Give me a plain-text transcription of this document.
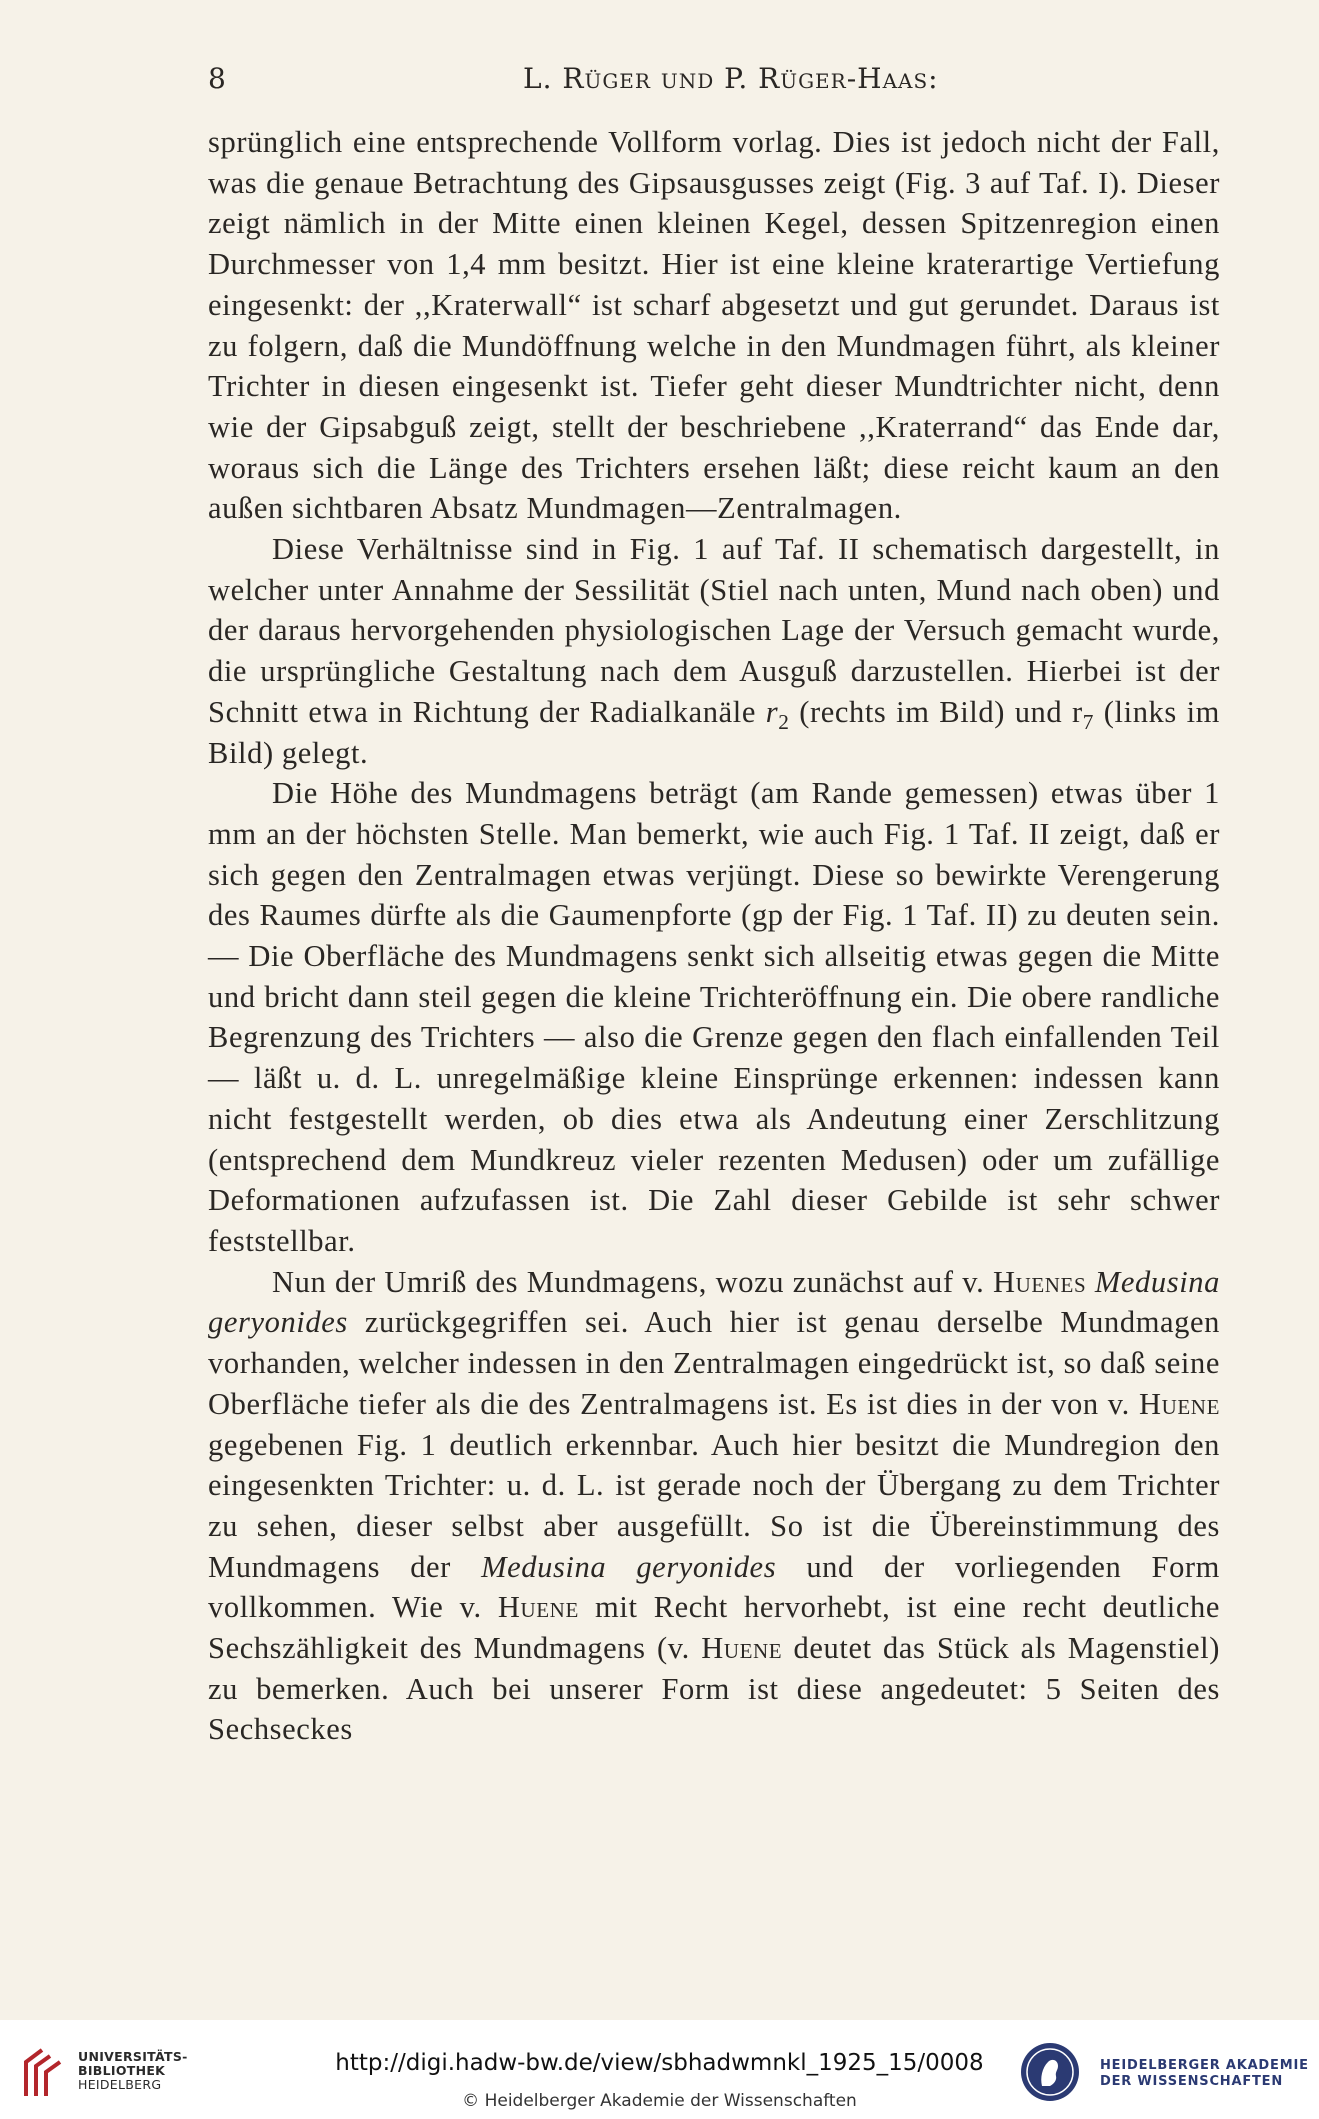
8	L. Rüger und P. Rüger-Haas:

sprünglich eine entsprechende Vollform vorlag. Dies ist jedoch nicht der Fall, was die genaue Betrachtung des Gipsausgusses zeigt (Fig. 3 auf Taf. I). Dieser zeigt nämlich in der Mitte einen kleinen Kegel, dessen Spitzenregion einen Durchmesser von 1,4 mm besitzt. Hier ist eine kleine kraterartige Vertiefung eingesenkt: der ,,Kraterwall“ ist scharf abgesetzt und gut gerundet. Daraus ist zu folgern, daß die Mundöffnung welche in den Mundmagen führt, als kleiner Trichter in diesen eingesenkt ist. Tiefer geht dieser Mundtrichter nicht, denn wie der Gipsabguß zeigt, stellt der beschriebene ,,Kraterrand“ das Ende dar, woraus sich die Länge des Trichters ersehen läßt; diese reicht kaum an den außen sichtbaren Absatz Mundmagen—Zentralmagen.

Diese Verhältnisse sind in Fig. 1 auf Taf. II schematisch dargestellt, in welcher unter Annahme der Sessilität (Stiel nach unten, Mund nach oben) und der daraus hervorgehenden physiologischen Lage der Versuch gemacht wurde, die ursprüngliche Gestaltung nach dem Ausguß darzustellen. Hierbei ist der Schnitt etwa in Richtung der Radialkanäle $r_2$ (rechts im Bild) und $r_7$ (links im Bild) gelegt.

Die Höhe des Mundmagens beträgt (am Rande gemessen) etwas über 1 mm an der höchsten Stelle. Man bemerkt, wie auch Fig. 1 Taf. II zeigt, daß er sich gegen den Zentralmagen etwas verjüngt. Diese so bewirkte Verengerung des Raumes dürfte als die Gaumenpforte (gp der Fig. 1 Taf. II) zu deuten sein. — Die Oberfläche des Mundmagens senkt sich allseitig etwas gegen die Mitte und bricht dann steil gegen die kleine Trichteröffnung ein. Die obere randliche Begrenzung des Trichters — also die Grenze gegen den flach einfallenden Teil — läßt u. d. L. unregelmäßige kleine Einsprünge erkennen: indessen kann nicht festgestellt werden, ob dies etwa als Andeutung einer Zerschlitzung (entsprechend dem Mundkreuz vieler rezenten Medusen) oder um zufällige Deformationen aufzufassen ist. Die Zahl dieser Gebilde ist sehr schwer feststellbar.

Nun der Umriß des Mundmagens, wozu zunächst auf v. Huenes Medusina geryonides zurückgegriffen sei. Auch hier ist genau derselbe Mundmagen vorhanden, welcher indessen in den Zentralmagen eingedrückt ist, so daß seine Oberfläche tiefer als die des Zentralmagens ist. Es ist dies in der von v. Huene gegebenen Fig. 1 deutlich erkennbar. Auch hier besitzt die Mundregion den eingesenkten Trichter: u. d. L. ist gerade noch der Übergang zu dem Trichter zu sehen, dieser selbst aber ausgefüllt. So ist die Übereinstimmung des Mundmagens der Medusina geryonides und der vorliegenden Form vollkommen. Wie v. Huene mit Recht hervorhebt, ist eine recht deutliche Sechszähligkeit des Mundmagens (v. Huene deutet das Stück als Magenstiel) zu bemerken. Auch bei unserer Form ist diese angedeutet: 5 Seiten des Sechseckes

UNIVERSITÄTS-
BIBLIOTHEK
HEIDELBERG
http://digi.hadw-bw.de/view/sbhadwmnkl_1925_15/0008
© Heidelberger Akademie der Wissenschaften
HEIDELBERGER AKADEMIE
DER WISSENSCHAFTEN
